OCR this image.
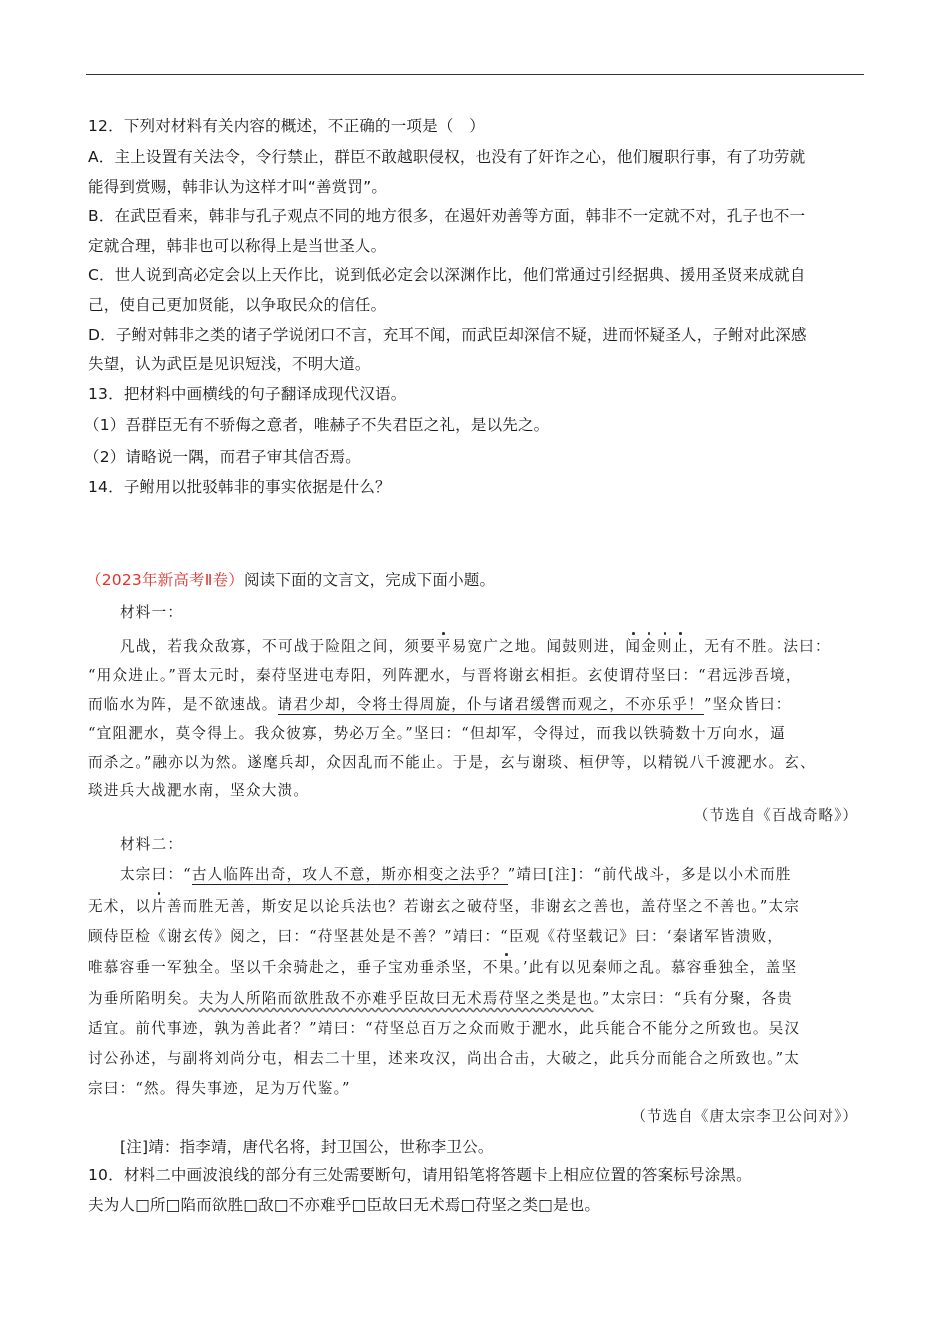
12．下列对材料有关内容的概述，不正确的一项是（　）
A．主上设置有关法令，令行禁止，群臣不敢越职侵权，也没有了奸诈之心，他们履职行事，有了功劳就
能得到赏赐，韩非认为这样才叫“善赏罚”。
B．在武臣看来，韩非与孔子观点不同的地方很多，在遏奸劝善等方面，韩非不一定就不对，孔子也不一
定就合理，韩非也可以称得上是当世圣人。
C．世人说到高必定会以上天作比，说到低必定会以深渊作比，他们常通过引经据典、援用圣贤来成就自
己，使自己更加贤能，以争取民众的信任。
D．子鲋对韩非之类的诸子学说闭口不言，充耳不闻，而武臣却深信不疑，进而怀疑圣人，子鲋对此深感
失望，认为武臣是见识短浅，不明大道。
13．把材料中画横线的句子翻译成现代汉语。
（1）吾群臣无有不骄侮之意者，唯赫子不失君臣之礼，是以先之。
（2）请略说一隅，而君子审其信否焉。
14．子鲋用以批驳韩非的事实依据是什么？
（2023年新高考Ⅱ卷）阅读下面的文言文，完成下面小题。
材料一：
凡战，若我众敌寡，不可战于险阻之间，须要平易宽广之地。闻鼓则进，闻金则止，无有不胜。法曰：
“用众进止。”晋太元时，秦苻坚进屯寿阳，列阵淝水，与晋将谢玄相拒。玄使谓苻坚曰：“君远涉吾境，
而临水为阵，是不欲速战。请君少却，令将士得周旋，仆与诸君缓辔而观之，不亦乐乎！”坚众皆曰：
“宜阻淝水，莫令得上。我众彼寡，势必万全。”坚曰：“但却军，令得过，而我以铁骑数十万向水，逼
而杀之。”融亦以为然。遂麾兵却，众因乱而不能止。于是，玄与谢琰、桓伊等，以精锐八千渡淝水。玄、
琰进兵大战淝水南，坚众大溃。
（节选自《百战奇略》）
材料二：
太宗曰：“古人临阵出奇，攻人不意，斯亦相变之法乎？”靖曰[注]：“前代战斗，多是以小术而胜
无术，以片善而胜无善，斯安足以论兵法也？若谢玄之破苻坚，非谢玄之善也，盖苻坚之不善也。”太宗
顾侍臣检《谢玄传》阅之，曰：“苻坚甚处是不善？”靖曰：“臣观《苻坚载记》曰：‘秦诸军皆溃败，
唯慕容垂一军独全。坚以千余骑赴之，垂子宝劝垂杀坚，不果。’此有以见秦师之乱。慕容垂独全，盖坚
为垂所陷明矣。夫为人所陷而欲胜敌不亦难乎臣故曰无术焉苻坚之类是也。”太宗曰：“兵有分聚，各贵
适宜。前代事迹，孰为善此者？”靖曰：“苻坚总百万之众而败于淝水，此兵能合不能分之所致也。吴汉
讨公孙述，与副将刘尚分屯，相去二十里，述来攻汉，尚出合击，大破之，此兵分而能合之所致也。”太
宗曰：“然。得失事迹，足为万代鉴。”
（节选自《唐太宗李卫公问对》）
[注]靖：指李靖，唐代名将，封卫国公，世称李卫公。
10．材料二中画波浪线的部分有三处需要断句，请用铅笔将答题卡上相应位置的答案标号涂黑。
夫为人□所□陷而欲胜□敌□不亦难乎□臣故曰无术焉□苻坚之类□是也。
